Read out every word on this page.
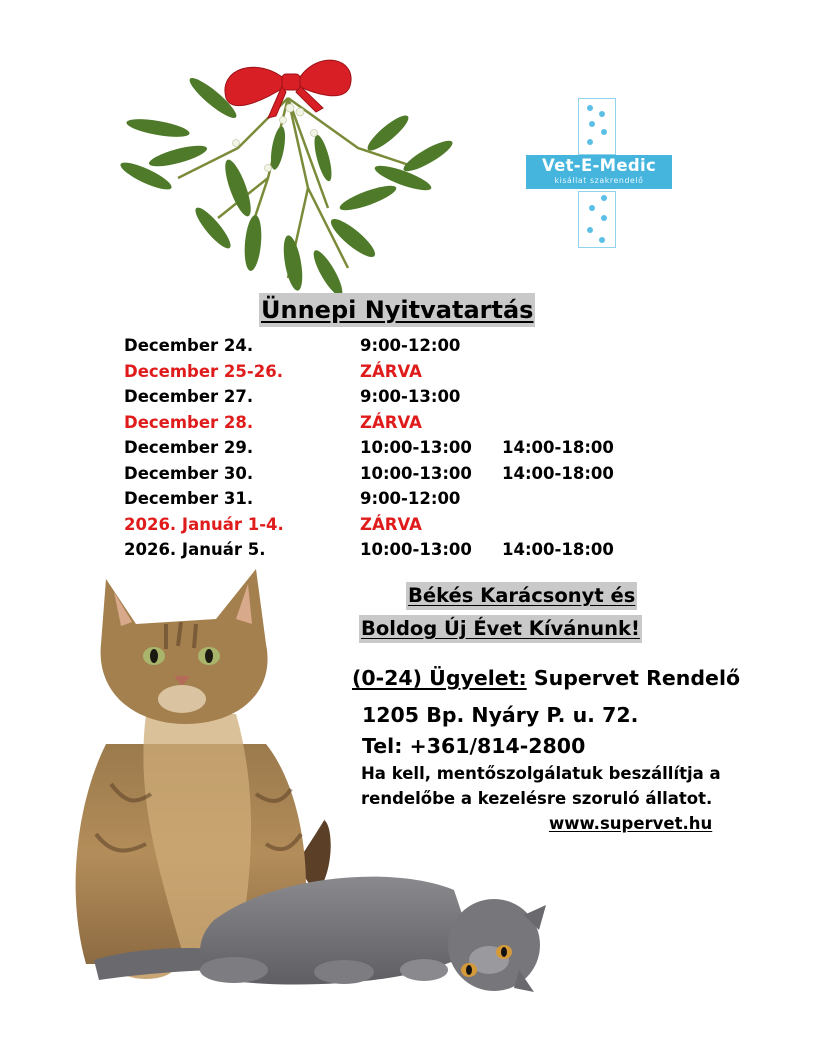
Vet-E-Medic
kisállat szakrendelő
Ünnepi Nyitvatartás
December 24.	9:00-12:00
December 25-26.	ZÁRVA
December 27.	9:00-13:00
December 28.	ZÁRVA
December 29.	10:00-13:00 14:00-18:00
December 30.	10:00-13:00 14:00-18:00
December 31.	9:00-12:00
2026. Január 1-4.	ZÁRVA
2026. Január 5.	10:00-13:00 14:00-18:00
Békés Karácsonyt és
Boldog Új Évet Kívánunk!
(0-24) Ügyelet: Supervet Rendelő
1205 Bp. Nyáry P. u. 72.
Tel: +361/814-2800
Ha kell, mentőszolgálatuk beszállítja a
rendelőbe a kezelésre szoruló állatot.
www.supervet.hu
